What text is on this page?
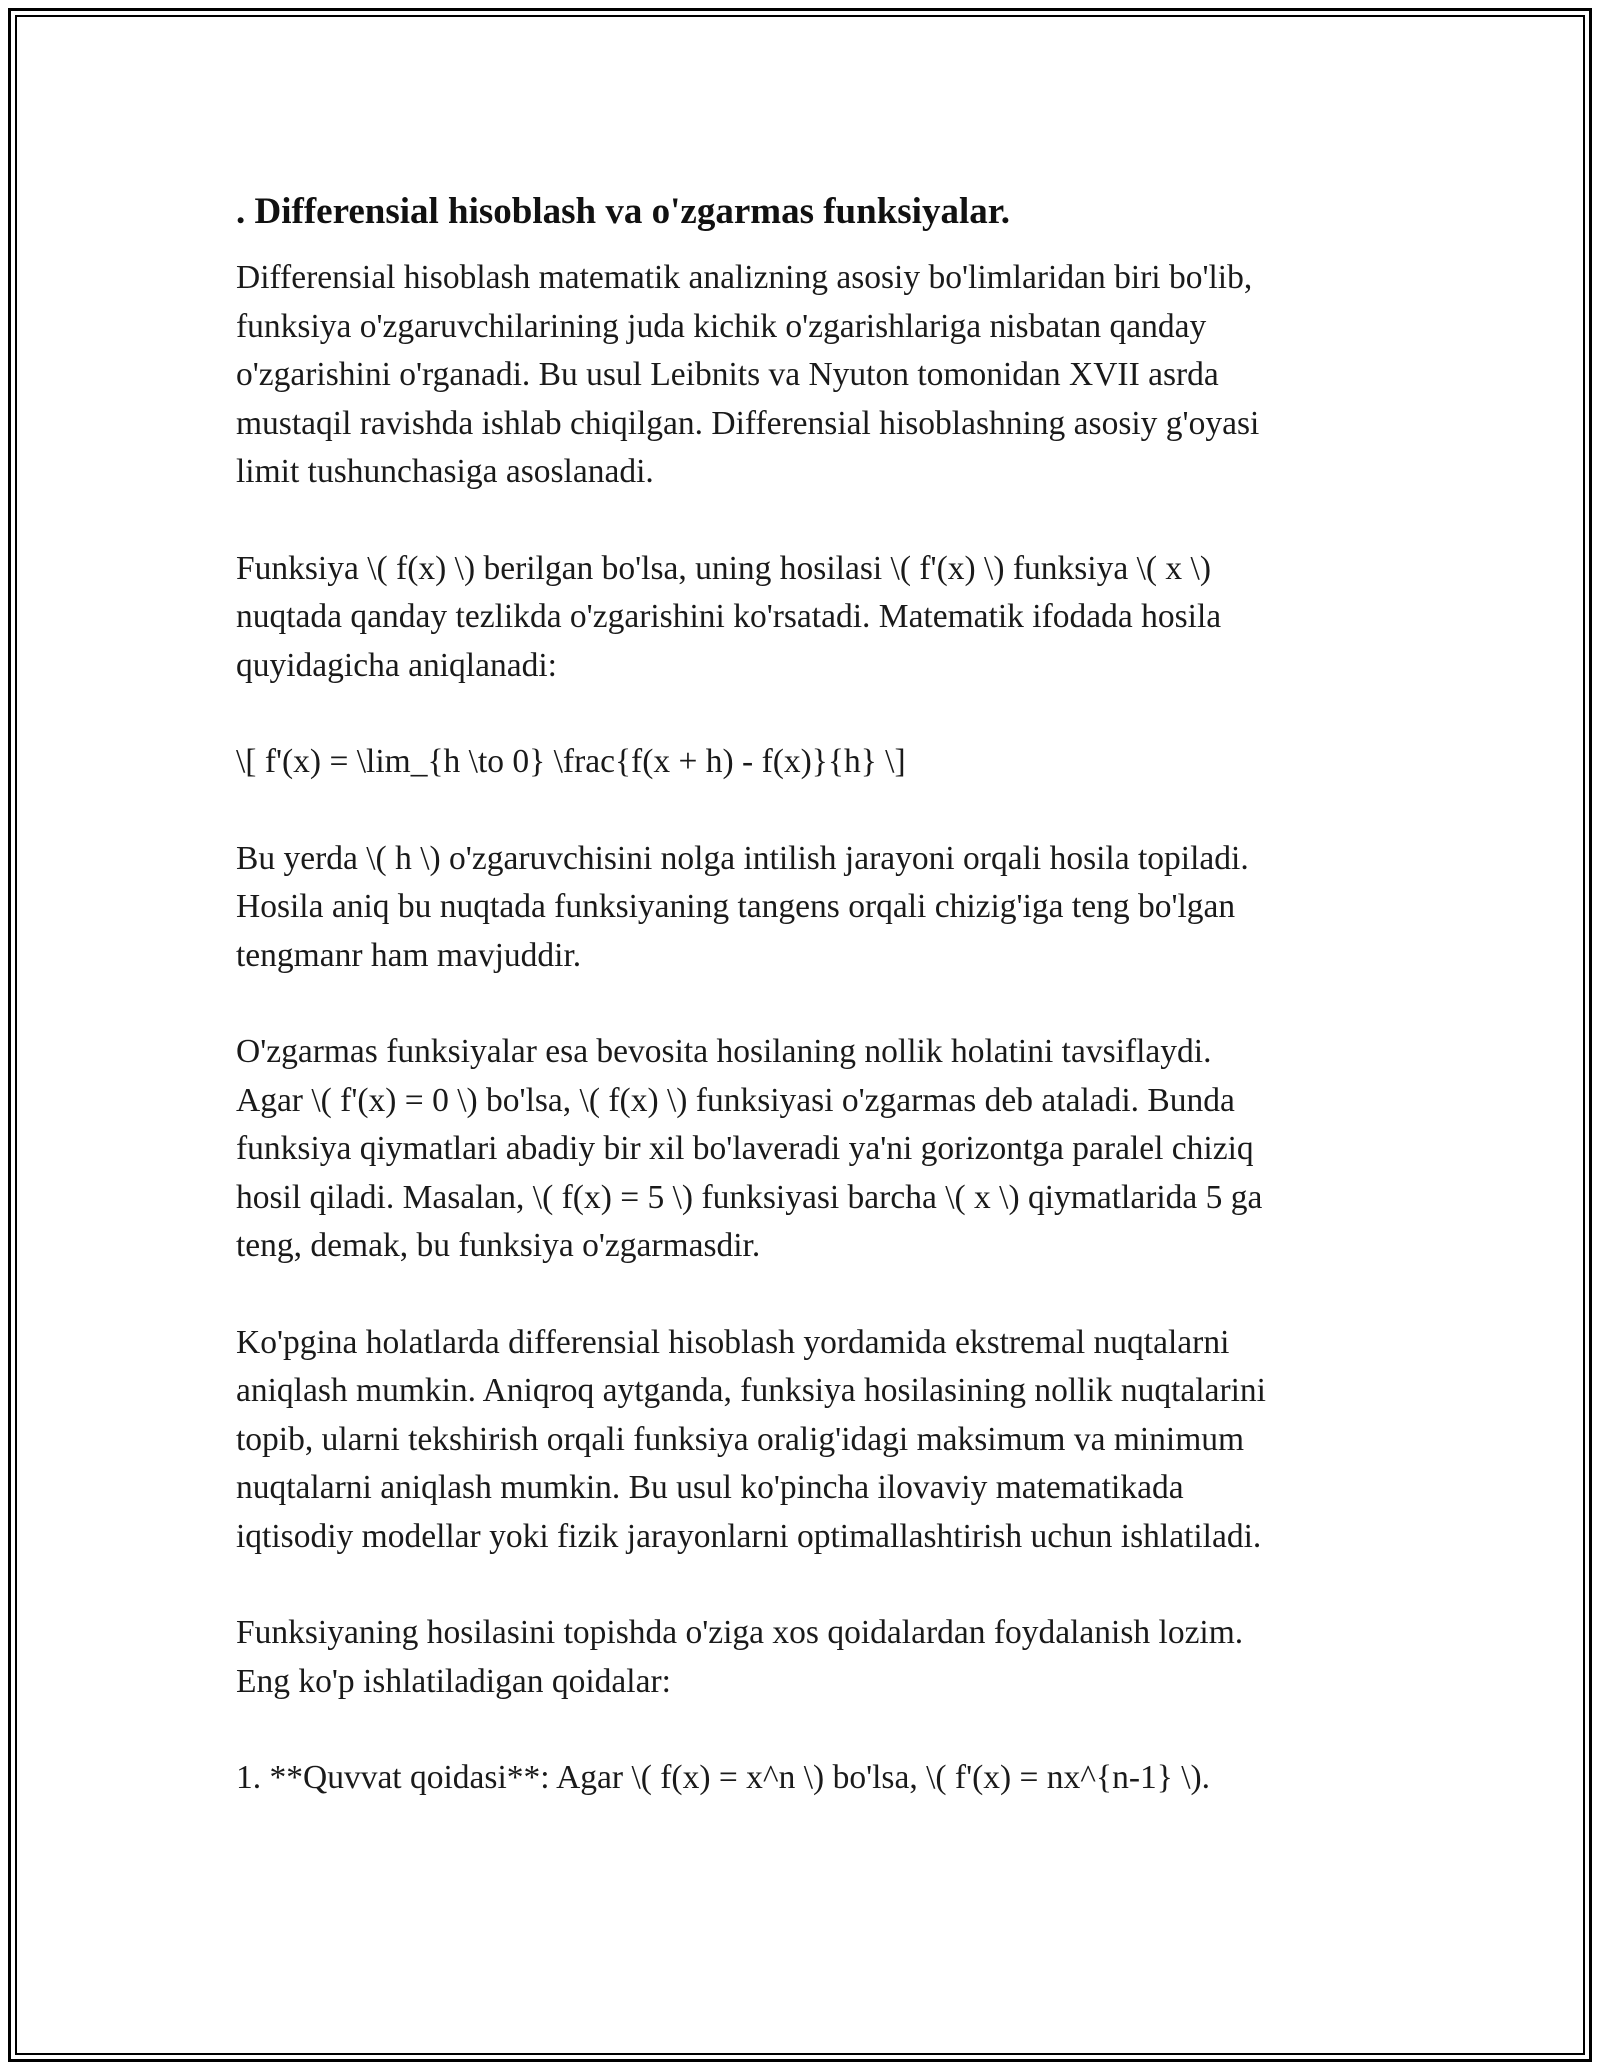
. Differensial hisoblash va o'zgarmas funksiyalar.

Differensial hisoblash matematik analizning asosiy bo'limlaridan biri bo'lib,
funksiya o'zgaruvchilarining juda kichik o'zgarishlariga nisbatan qanday
o'zgarishini o'rganadi. Bu usul Leibnits va Nyuton tomonidan XVII asrda
mustaqil ravishda ishlab chiqilgan. Differensial hisoblashning asosiy g'oyasi
limit tushunchasiga asoslanadi.

Funksiya \( f(x) \) berilgan bo'lsa, uning hosilasi \( f'(x) \) funksiya \( x \)
nuqtada qanday tezlikda o'zgarishini ko'rsatadi. Matematik ifodada hosila
quyidagicha aniqlanadi:

\[ f'(x) = \lim_{h \to 0} \frac{f(x + h) - f(x)}{h} \]

Bu yerda \( h \) o'zgaruvchisini nolga intilish jarayoni orqali hosila topiladi.
Hosila aniq bu nuqtada funksiyaning tangens orqali chizig'iga teng bo'lgan
tengmanr ham mavjuddir.

O'zgarmas funksiyalar esa bevosita hosilaning nollik holatini tavsiflaydi.
Agar \( f'(x) = 0 \) bo'lsa, \( f(x) \) funksiyasi o'zgarmas deb ataladi. Bunda
funksiya qiymatlari abadiy bir xil bo'laveradi ya'ni gorizontga paralel chiziq
hosil qiladi. Masalan, \( f(x) = 5 \) funksiyasi barcha \( x \) qiymatlarida 5 ga
teng, demak, bu funksiya o'zgarmasdir.

Ko'pgina holatlarda differensial hisoblash yordamida ekstremal nuqtalarni
aniqlash mumkin. Aniqroq aytganda, funksiya hosilasining nollik nuqtalarini
topib, ularni tekshirish orqali funksiya oralig'idagi maksimum va minimum
nuqtalarni aniqlash mumkin. Bu usul ko'pincha ilovaviy matematikada
iqtisodiy modellar yoki fizik jarayonlarni optimallashtirish uchun ishlatiladi.

Funksiyaning hosilasini topishda o'ziga xos qoidalardan foydalanish lozim.
Eng ko'p ishlatiladigan qoidalar:

1. **Quvvat qoidasi**: Agar \( f(x) = x^n \) bo'lsa, \( f'(x) = nx^{n-1} \).
